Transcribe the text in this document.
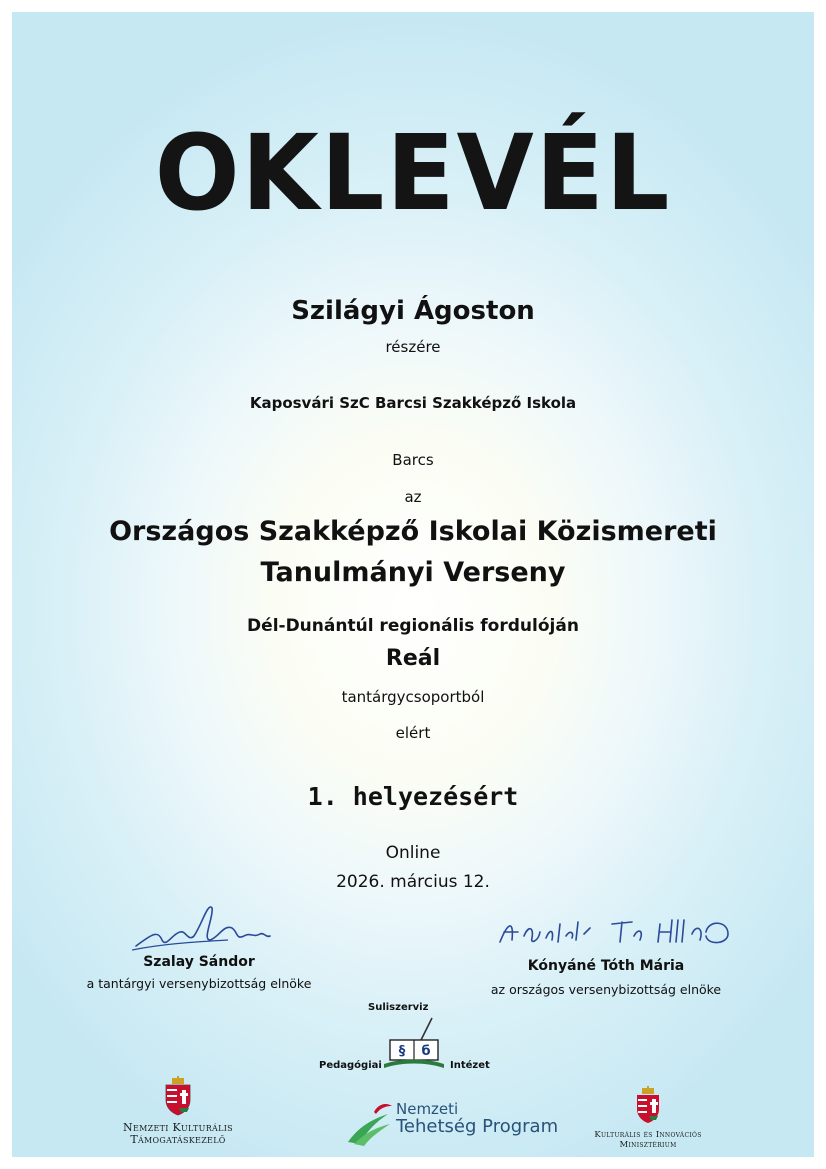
OKLEVÉL
Szilágyi Ágoston
részére
Kaposvári SzC Barcsi Szakképző Iskola
Barcs
az
Országos Szakképző Iskolai Közismereti
Tanulmányi Verseny
Dél-Dunántúl regionális fordulóján
Reál
tantárgycsoportból
elért
1. helyezésért
Online
2026. március 12.
Szalay Sándor
a tantárgyi versenybizottság elnöke
Kónyáné Tóth Mária
az országos versenybizottság elnöke
Suliszerviz
§ б
Pedagógiai	Intézet
Nemzeti Kulturális
Támogatáskezelő
Nemzeti
Tehetség Program	Kulturális és Innovációs
Minisztérium
